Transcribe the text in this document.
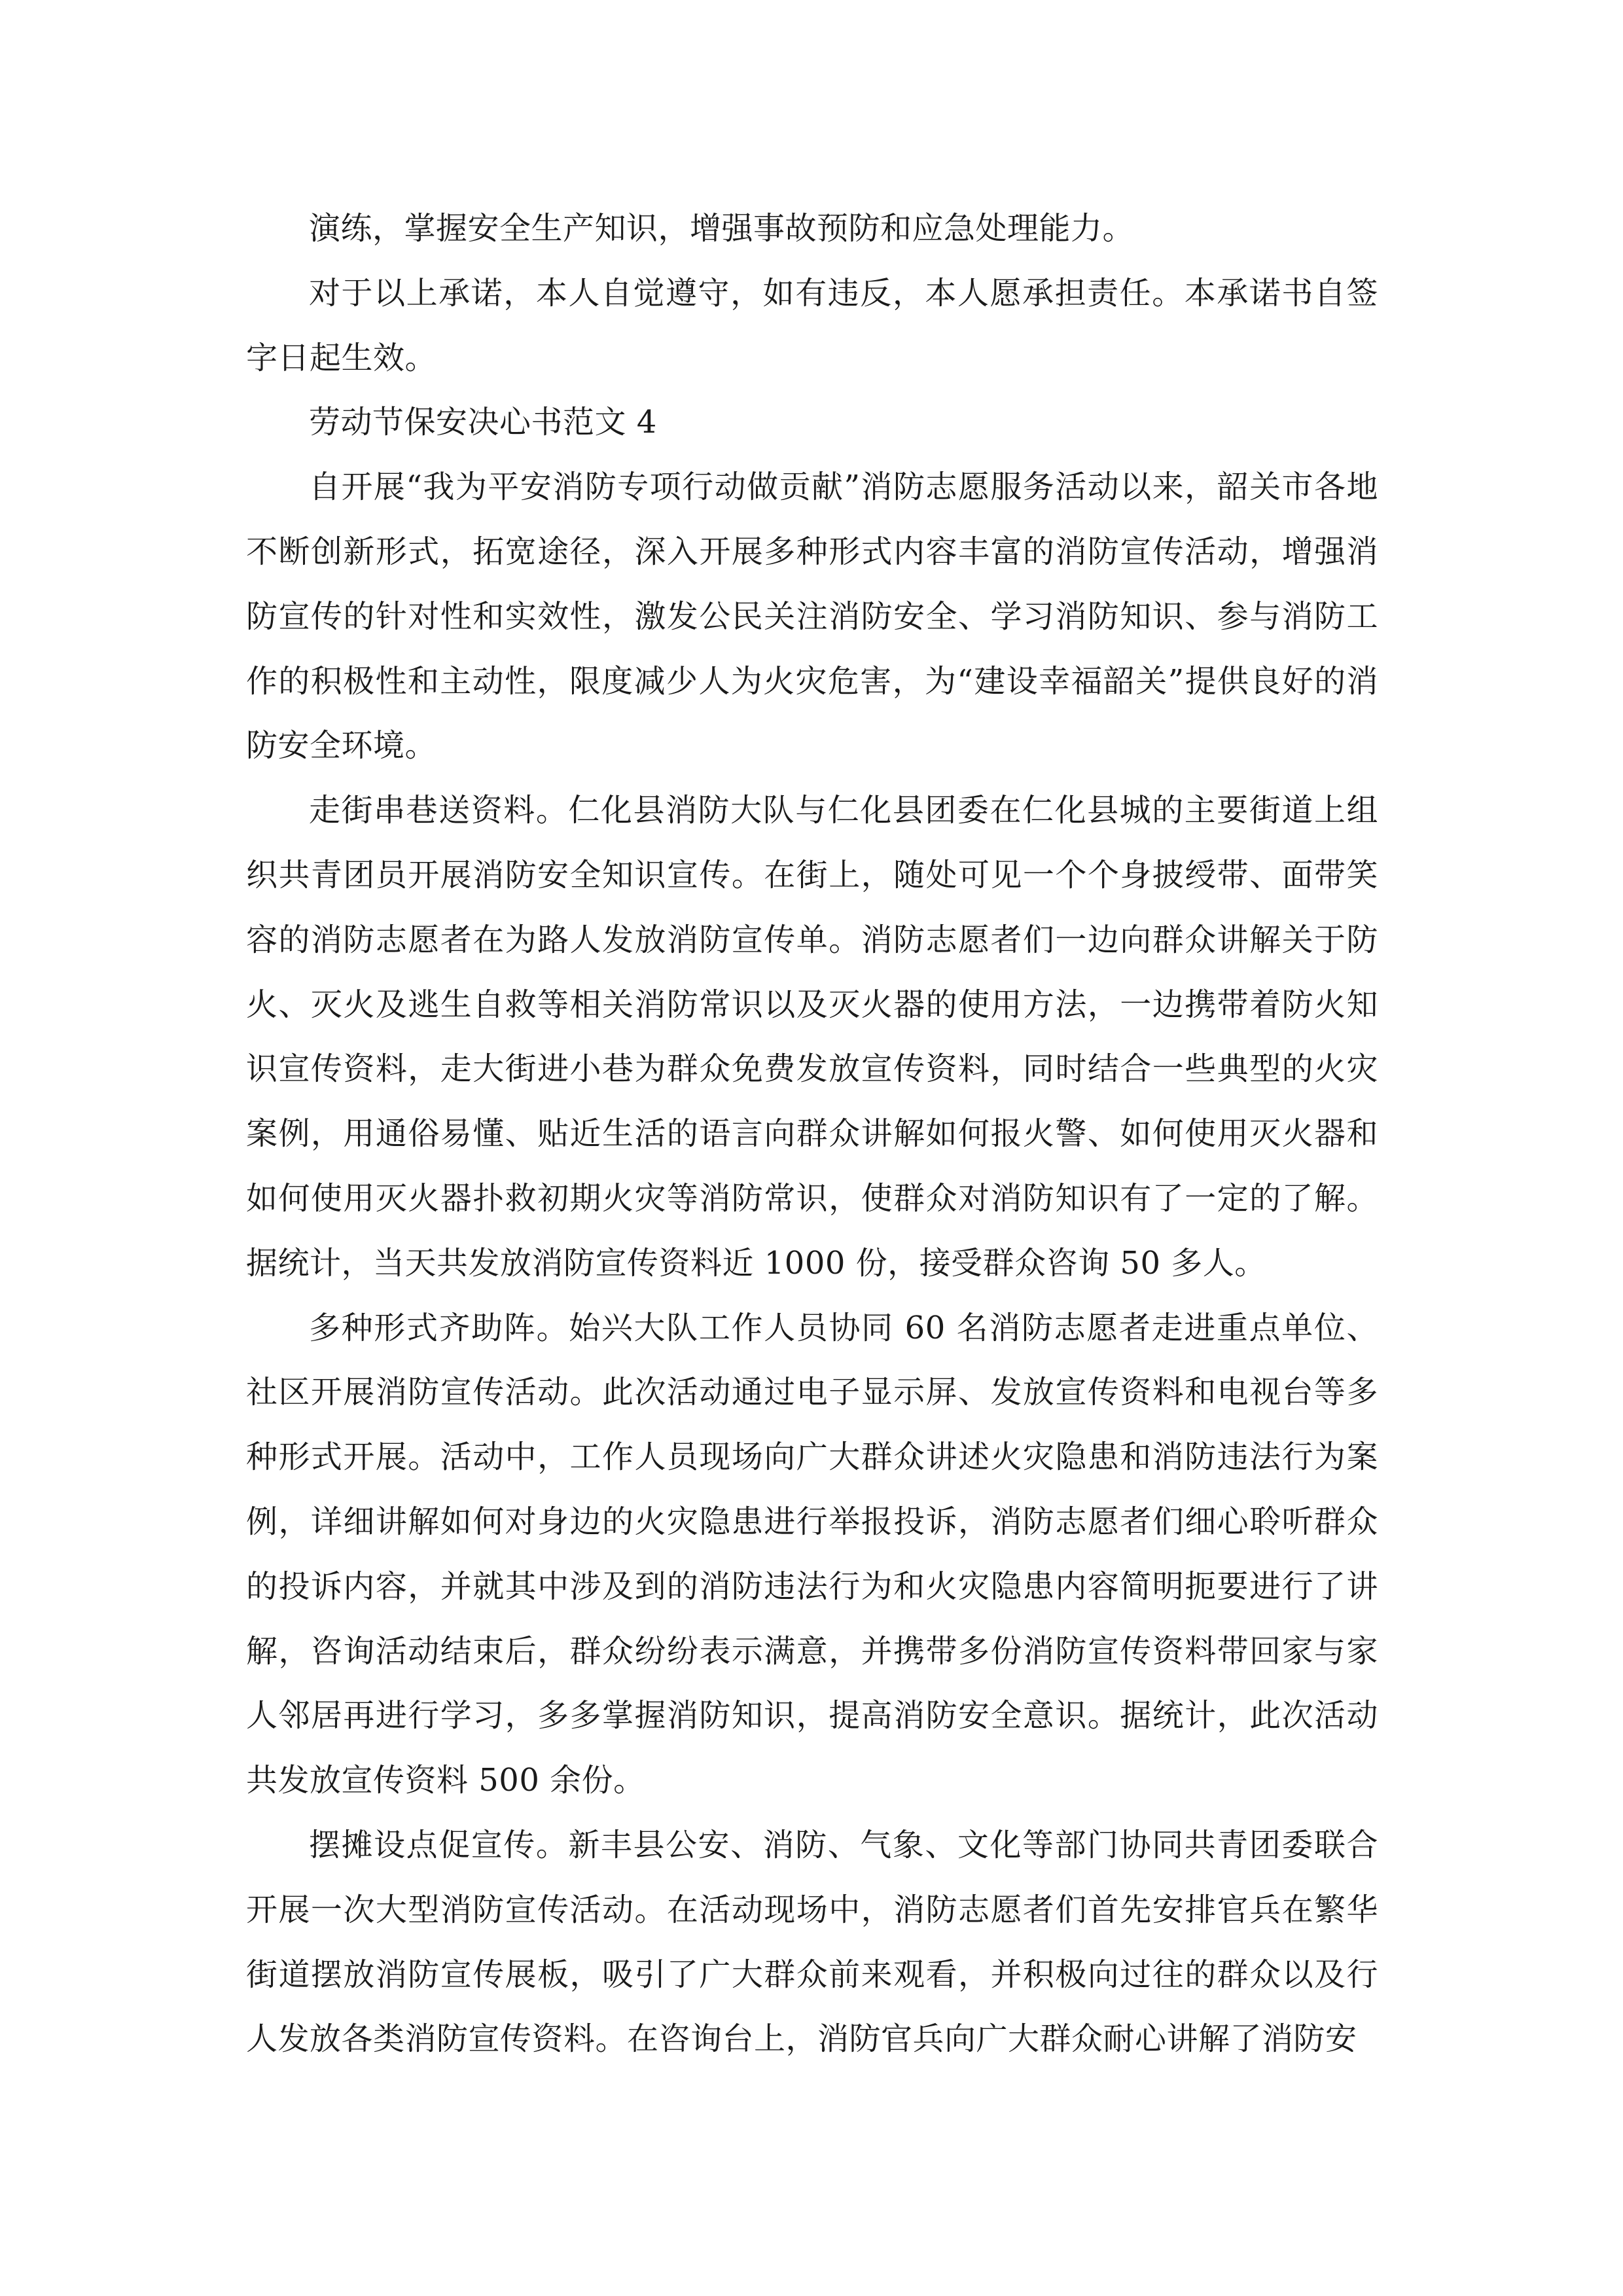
演练，掌握安全生产知识，增强事故预防和应急处理能力。

对于以上承诺，本人自觉遵守，如有违反，本人愿承担责任。本承诺书自签字日起生效。

劳动节保安决心书范文 4

自开展“我为平安消防专项行动做贡献”消防志愿服务活动以来，韶关市各地不断创新形式，拓宽途径，深入开展多种形式内容丰富的消防宣传活动，增强消防宣传的针对性和实效性，激发公民关注消防安全、学习消防知识、参与消防工作的积极性和主动性，限度减少人为火灾危害，为“建设幸福韶关”提供良好的消防安全环境。

走街串巷送资料。仁化县消防大队与仁化县团委在仁化县城的主要街道上组织共青团员开展消防安全知识宣传。在街上，随处可见一个个身披绶带、面带笑容的消防志愿者在为路人发放消防宣传单。消防志愿者们一边向群众讲解关于防火、灭火及逃生自救等相关消防常识以及灭火器的使用方法，一边携带着防火知识宣传资料，走大街进小巷为群众免费发放宣传资料，同时结合一些典型的火灾案例，用通俗易懂、贴近生活的语言向群众讲解如何报火警、如何使用灭火器和如何使用灭火器扑救初期火灾等消防常识，使群众对消防知识有了一定的了解。据统计，当天共发放消防宣传资料近 1000 份，接受群众咨询 50 多人。

多种形式齐助阵。始兴大队工作人员协同 60 名消防志愿者走进重点单位、社区开展消防宣传活动。此次活动通过电子显示屏、发放宣传资料和电视台等多种形式开展。活动中，工作人员现场向广大群众讲述火灾隐患和消防违法行为案例，详细讲解如何对身边的火灾隐患进行举报投诉，消防志愿者们细心聆听群众的投诉内容，并就其中涉及到的消防违法行为和火灾隐患内容简明扼要进行了讲解，咨询活动结束后，群众纷纷表示满意，并携带多份消防宣传资料带回家与家人邻居再进行学习，多多掌握消防知识，提高消防安全意识。据统计，此次活动共发放宣传资料 500 余份。

摆摊设点促宣传。新丰县公安、消防、气象、文化等部门协同共青团委联合开展一次大型消防宣传活动。在活动现场中，消防志愿者们首先安排官兵在繁华街道摆放消防宣传展板，吸引了广大群众前来观看，并积极向过往的群众以及行人发放各类消防宣传资料。在咨询台上，消防官兵向广大群众耐心讲解了消防安
